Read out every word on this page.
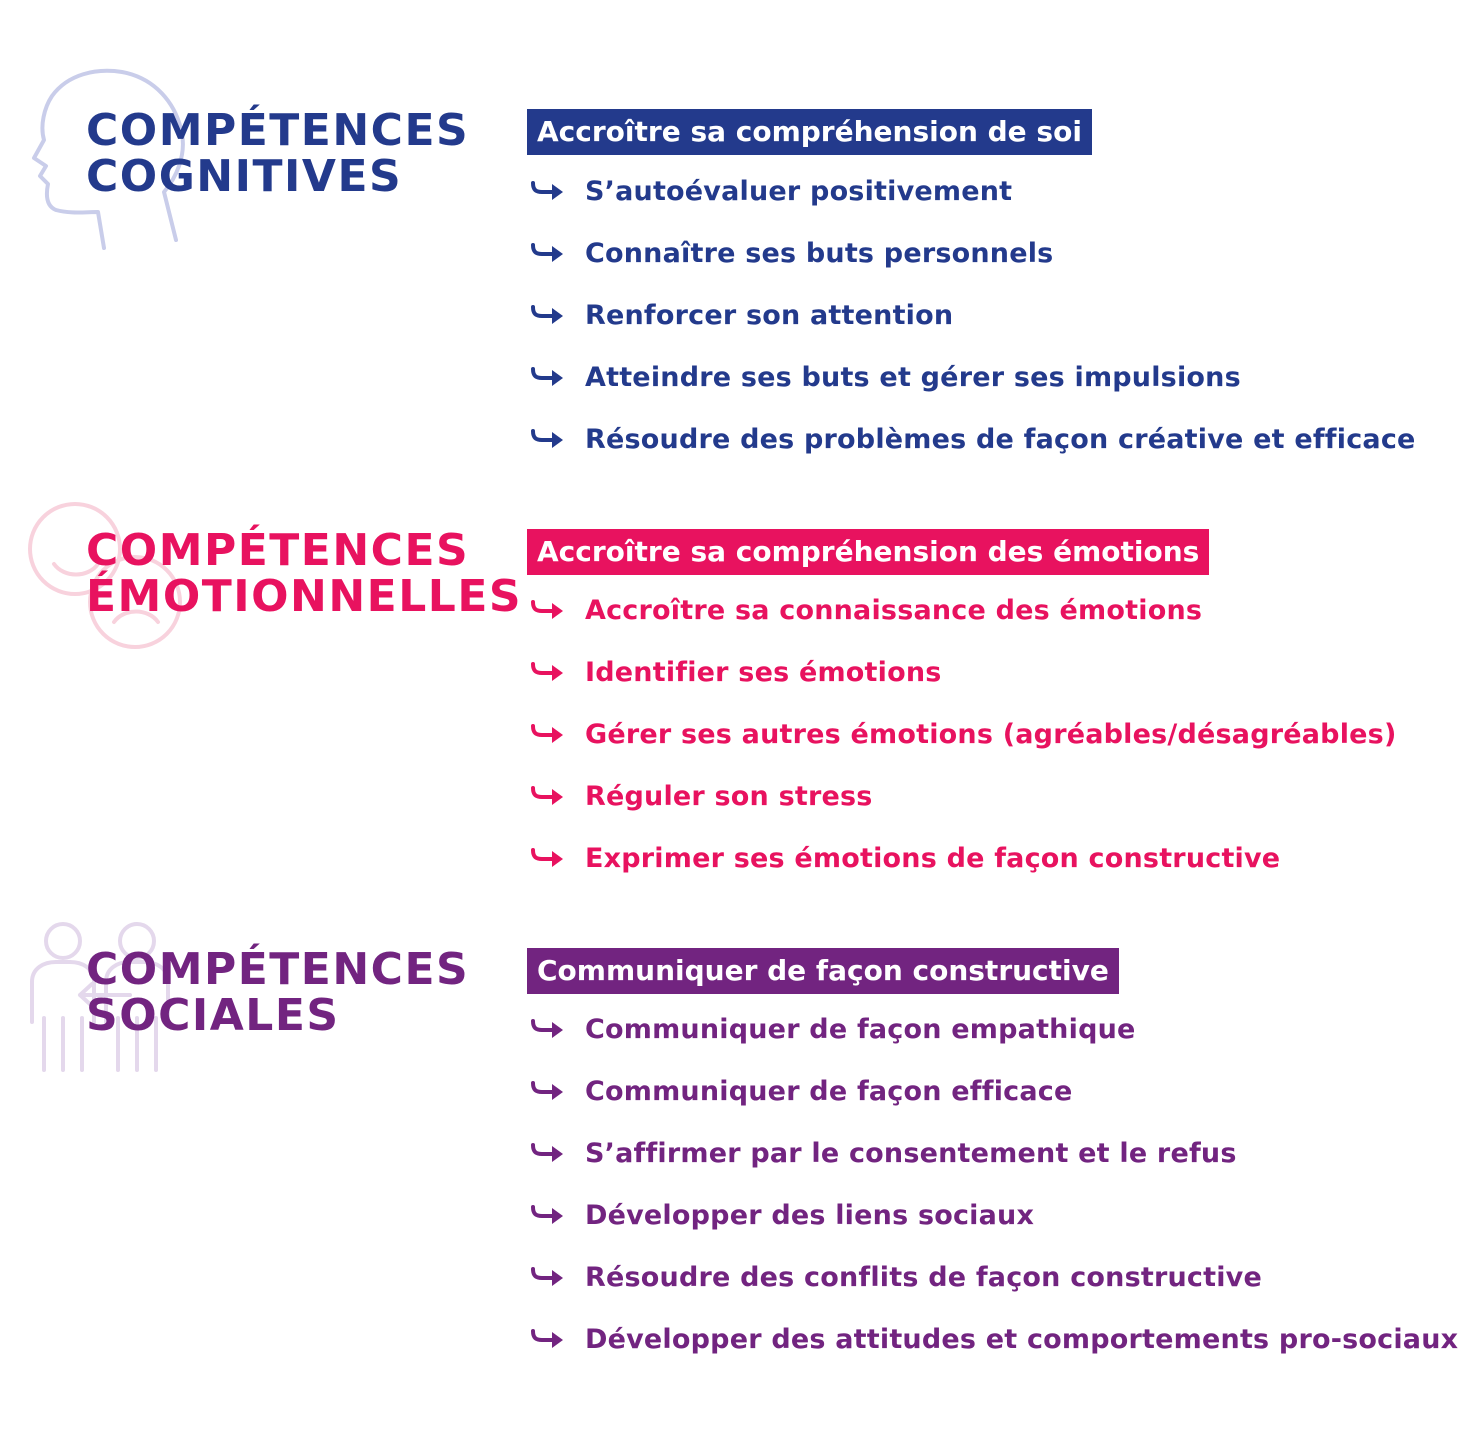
COMPÉTENCES
COGNITIVES
Accroître sa compréhension de soi
S’autoévaluer positivement
Connaître ses buts personnels
Renforcer son attention
Atteindre ses buts et gérer ses impulsions
Résoudre des problèmes de façon créative et efficace
COMPÉTENCES
ÉMOTIONNELLES
Accroître sa compréhension des émotions
Accroître sa connaissance des émotions
Identifier ses émotions
Gérer ses autres émotions (agréables/désagréables)
Réguler son stress
Exprimer ses émotions de façon constructive
COMPÉTENCES
SOCIALES
Communiquer de façon constructive
Communiquer de façon empathique
Communiquer de façon efficace
S’affirmer par le consentement et le refus
Développer des liens sociaux
Résoudre des conflits de façon constructive
Développer des attitudes et comportements pro-sociaux
